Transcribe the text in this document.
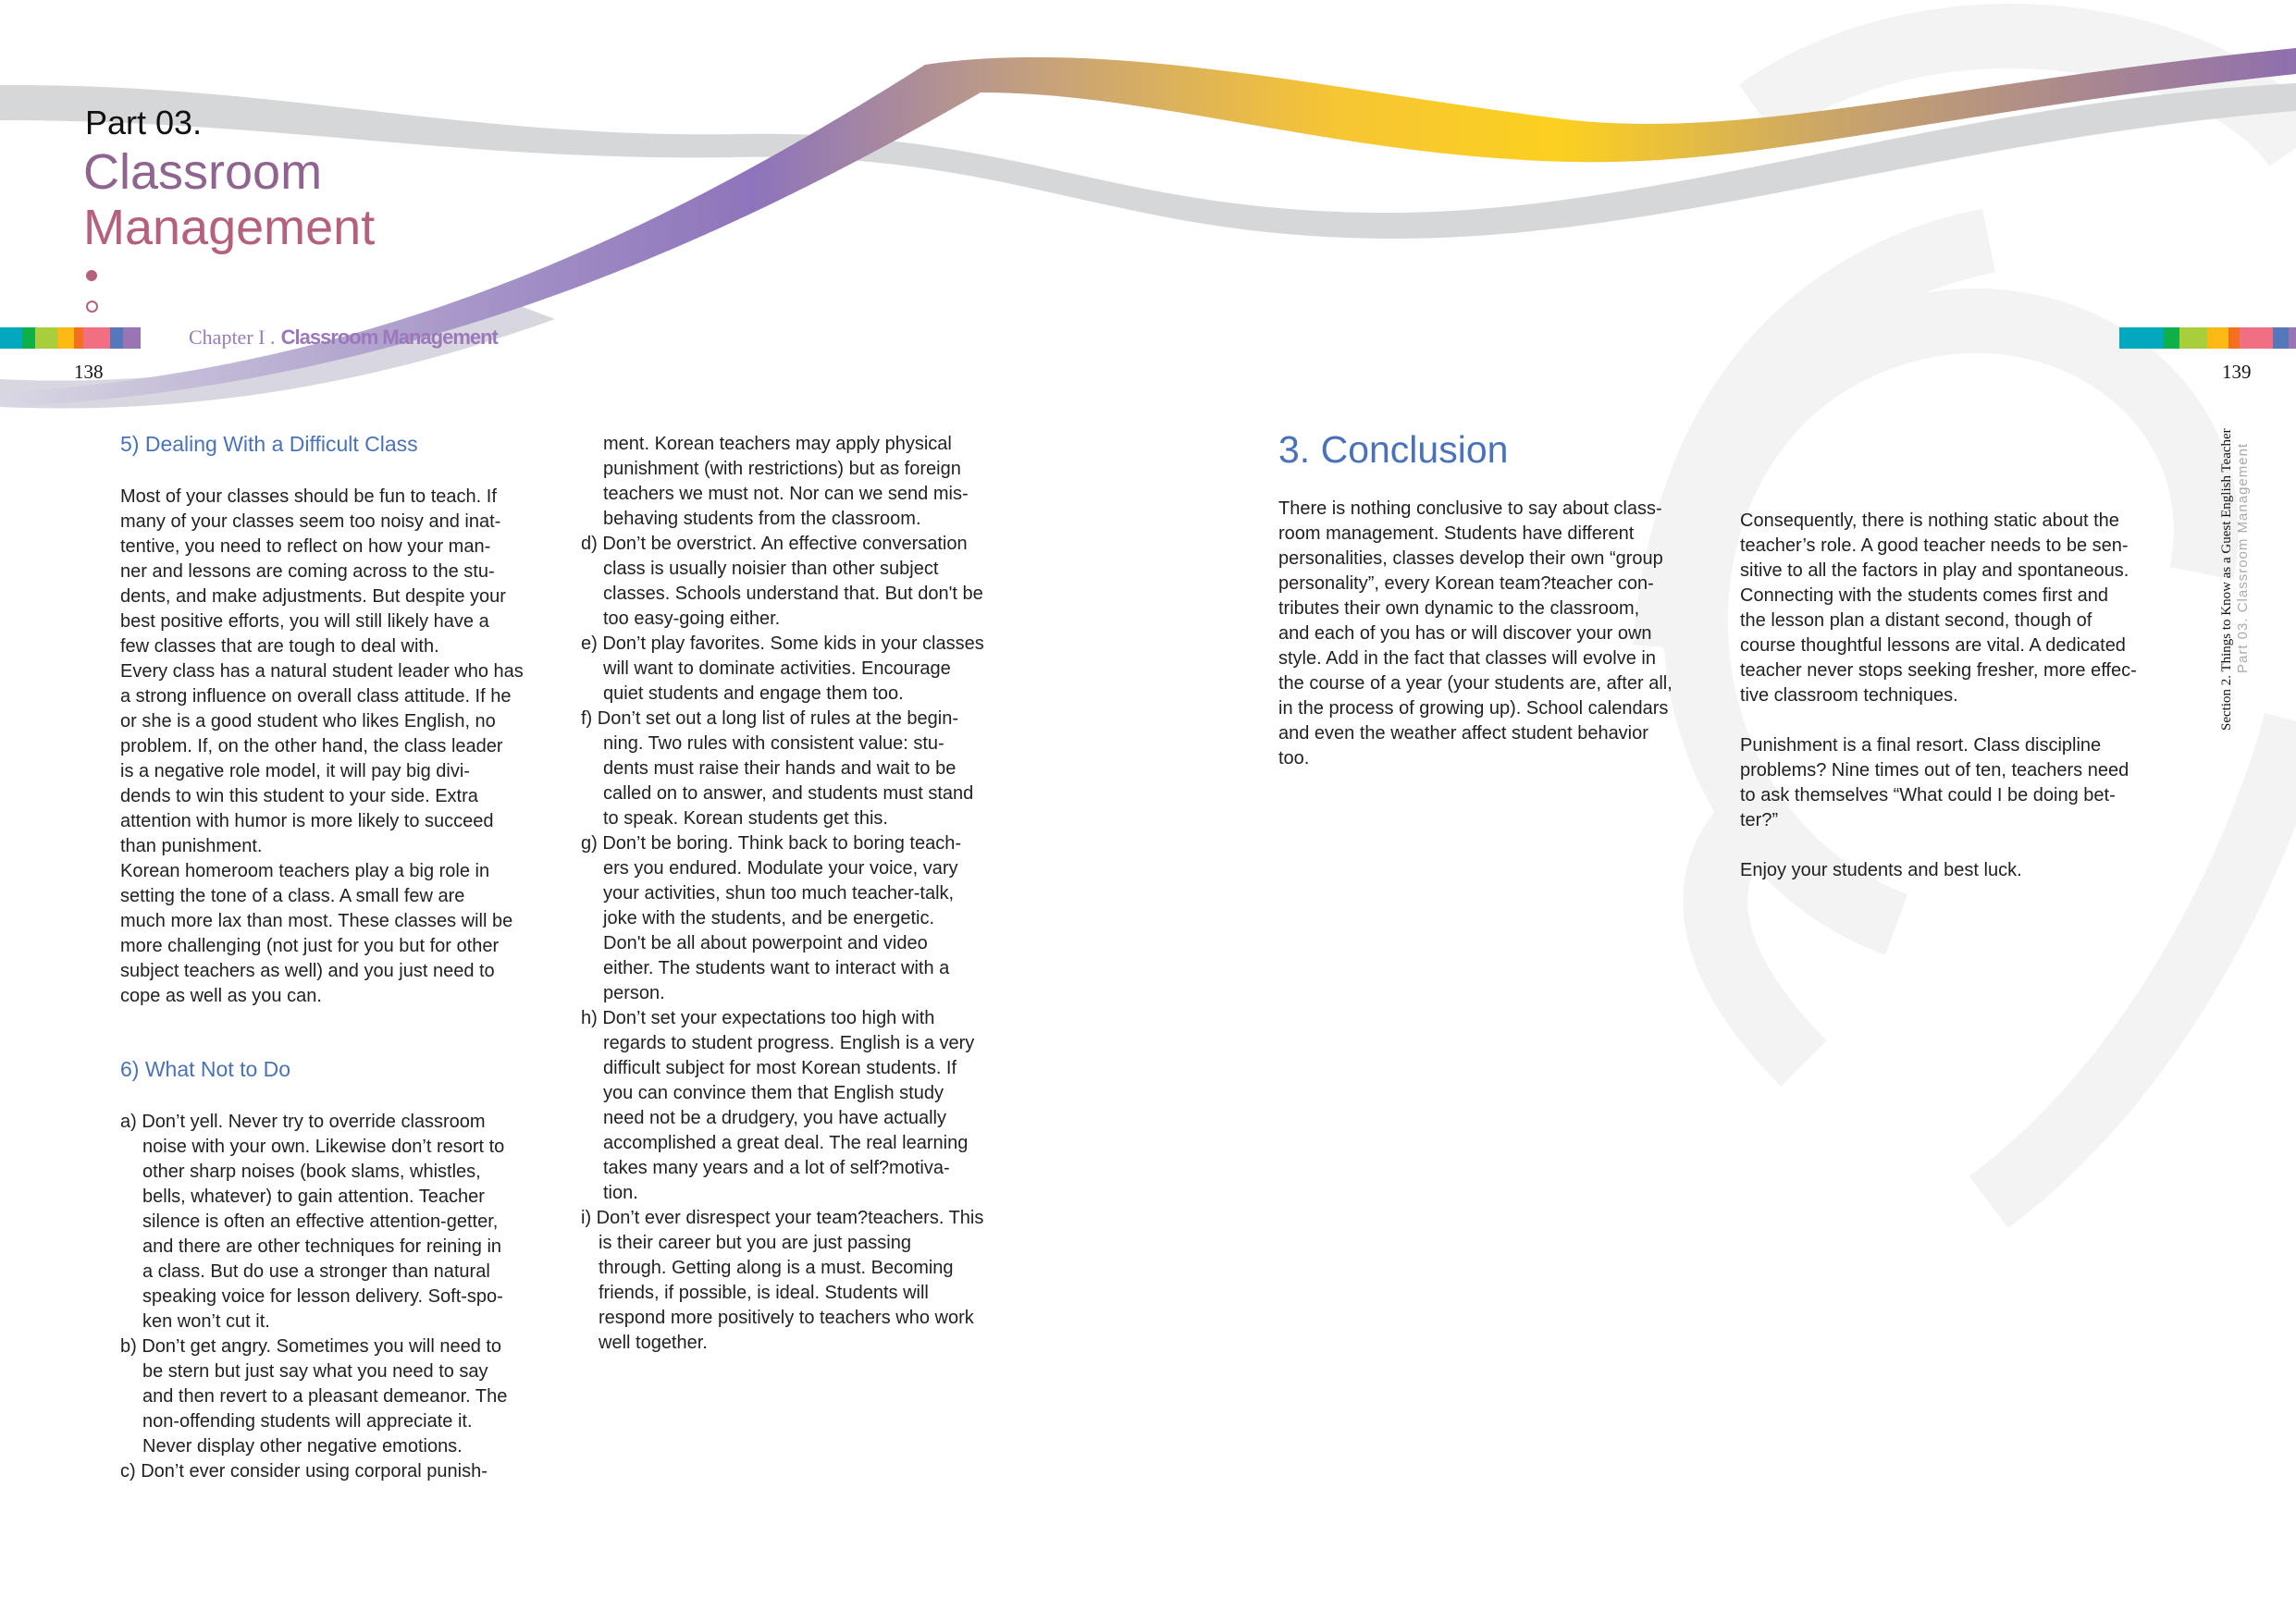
Part 03.
Classroom
Management
Chapter I . Classroom Management
138	139
Section 2. Things to Know as a Guest English Teacher Part 03. Classroom Management
5) Dealing With a Difficult Class
Most of your classes should be fun to teach. If
many of your classes seem too noisy and inat-
tentive, you need to reflect on how your man-
ner and lessons are coming across to the stu-
dents, and make adjustments. But despite your
best positive efforts, you will still likely have a
few classes that are tough to deal with.
Every class has a natural student leader who has
a strong influence on overall class attitude. If he
or she is a good student who likes English, no
problem. If, on the other hand, the class leader
is a negative role model, it will pay big divi-
dends to win this student to your side. Extra
attention with humor is more likely to succeed
than punishment.
Korean homeroom teachers play a big role in
setting the tone of a class. A small few are
much more lax than most. These classes will be
more challenging (not just for you but for other
subject teachers as well) and you just need to
cope as well as you can.
6) What Not to Do
a) Don’t yell. Never try to override classroom
noise with your own. Likewise don’t resort to
other sharp noises (book slams, whistles,
bells, whatever) to gain attention. Teacher
silence is often an effective attention-getter,
and there are other techniques for reining in
a class. But do use a stronger than natural
speaking voice for lesson delivery. Soft-spo-
ken won’t cut it.
b) Don’t get angry. Sometimes you will need to
be stern but just say what you need to say
and then revert to a pleasant demeanor. The
non-offending students will appreciate it.
Never display other negative emotions.
c) Don’t ever consider using corporal punish-
ment. Korean teachers may apply physical
punishment (with restrictions) but as foreign
teachers we must not. Nor can we send mis-
behaving students from the classroom.
d) Don’t be overstrict. An effective conversation
class is usually noisier than other subject
classes. Schools understand that. But don't be
too easy-going either.
e) Don’t play favorites. Some kids in your classes
will want to dominate activities. Encourage
quiet students and engage them too.
f) Don’t set out a long list of rules at the begin-
ning. Two rules with consistent value: stu-
dents must raise their hands and wait to be
called on to answer, and students must stand
to speak. Korean students get this.
g) Don’t be boring. Think back to boring teach-
ers you endured. Modulate your voice, vary
your activities, shun too much teacher-talk,
joke with the students, and be energetic.
Don't be all about powerpoint and video
either. The students want to interact with a
person.
h) Don’t set your expectations too high with
regards to student progress. English is a very
difficult subject for most Korean students. If
you can convince them that English study
need not be a drudgery, you have actually
accomplished a great deal. The real learning
takes many years and a lot of self?motiva-
tion.
i) Don’t ever disrespect your team?teachers. This
is their career but you are just passing
through. Getting along is a must. Becoming
friends, if possible, is ideal. Students will
respond more positively to teachers who work
well together.
3. Conclusion
There is nothing conclusive to say about class-
room management. Students have different
personalities, classes develop their own “group
personality”, every Korean team?teacher con-
tributes their own dynamic to the classroom,
and each of you has or will discover your own
style. Add in the fact that classes will evolve in
the course of a year (your students are, after all,
in the process of growing up). School calendars
and even the weather affect student behavior
too.
Consequently, there is nothing static about the
teacher’s role. A good teacher needs to be sen-
sitive to all the factors in play and spontaneous.
Connecting with the students comes first and
the lesson plan a distant second, though of
course thoughtful lessons are vital. A dedicated
teacher never stops seeking fresher, more effec-
tive classroom techniques.
Punishment is a final resort. Class discipline
problems? Nine times out of ten, teachers need
to ask themselves “What could I be doing bet-
ter?”
Enjoy your students and best luck.
